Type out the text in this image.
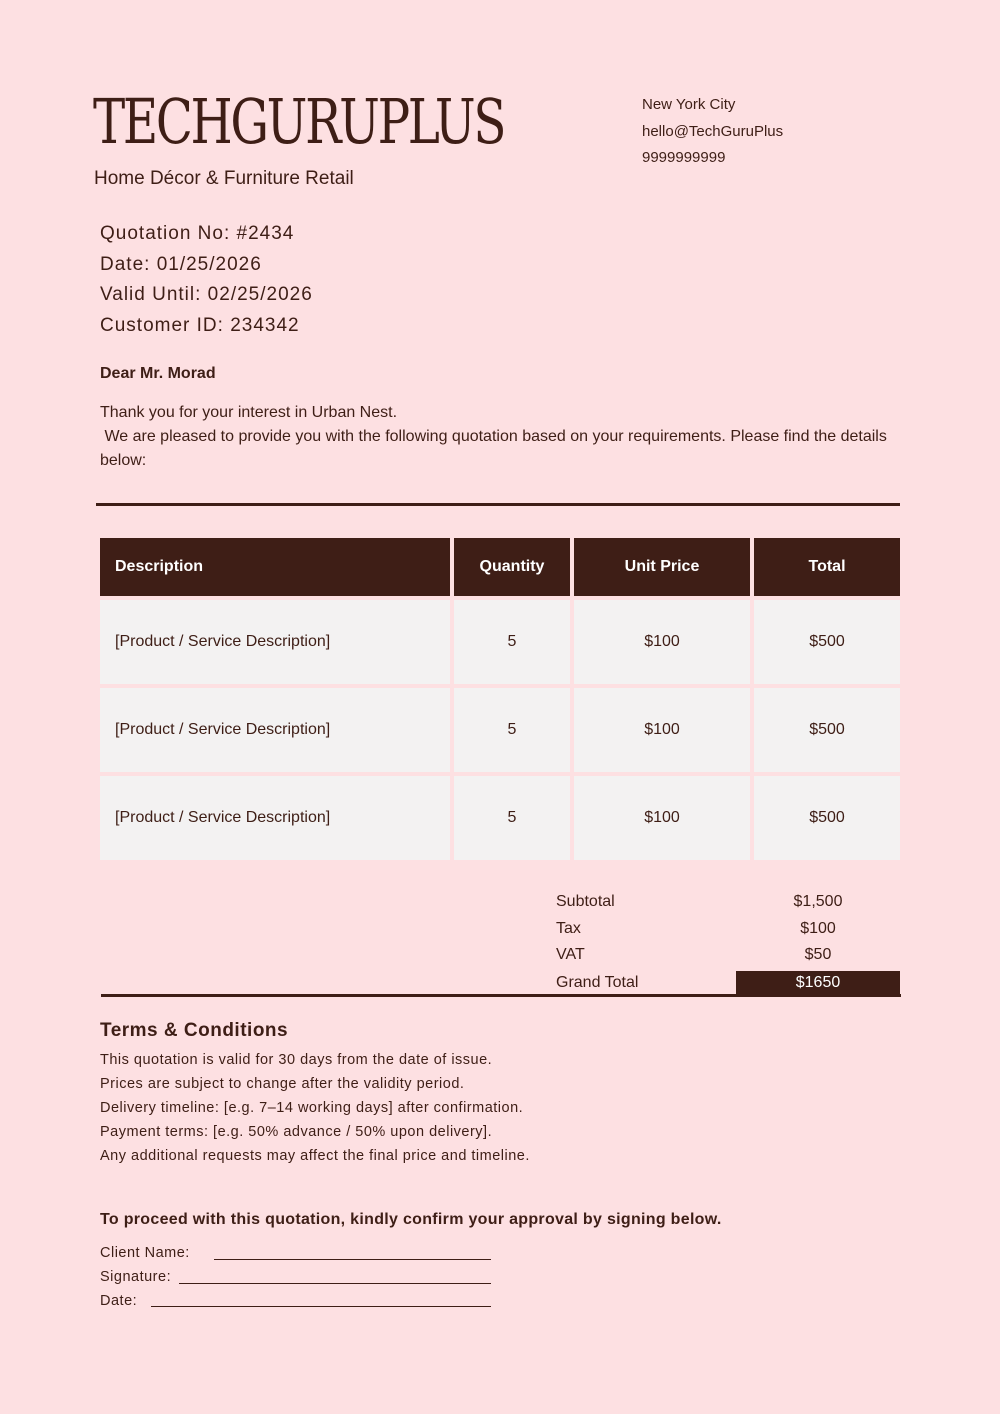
TECHGURUPLUS
Home Décor & Furniture Retail
New York City
hello@TechGuruPlus
9999999999
Quotation No: #2434
Date: 01/25/2026
Valid Until: 02/25/2026
Customer ID: 234342
Dear Mr. Morad
Thank you for your interest in Urban Nest.
We are pleased to provide you with the following quotation based on your requirements. Please find the details below:
Description	Quantity	Unit Price	Total
[Product / Service Description]	5	$100	$500
[Product / Service Description]	5	$100	$500
[Product / Service Description]	5	$100	$500
Subtotal	$1,500
Tax	$100
VAT	$50
Grand Total	$1650
Terms & Conditions
This quotation is valid for 30 days from the date of issue.
Prices are subject to change after the validity period.
Delivery timeline: [e.g. 7–14 working days] after confirmation.
Payment terms: [e.g. 50% advance / 50% upon delivery].
Any additional requests may affect the final price and timeline.
To proceed with this quotation, kindly confirm your approval by signing below.
Client Name:
Signature:
Date:
